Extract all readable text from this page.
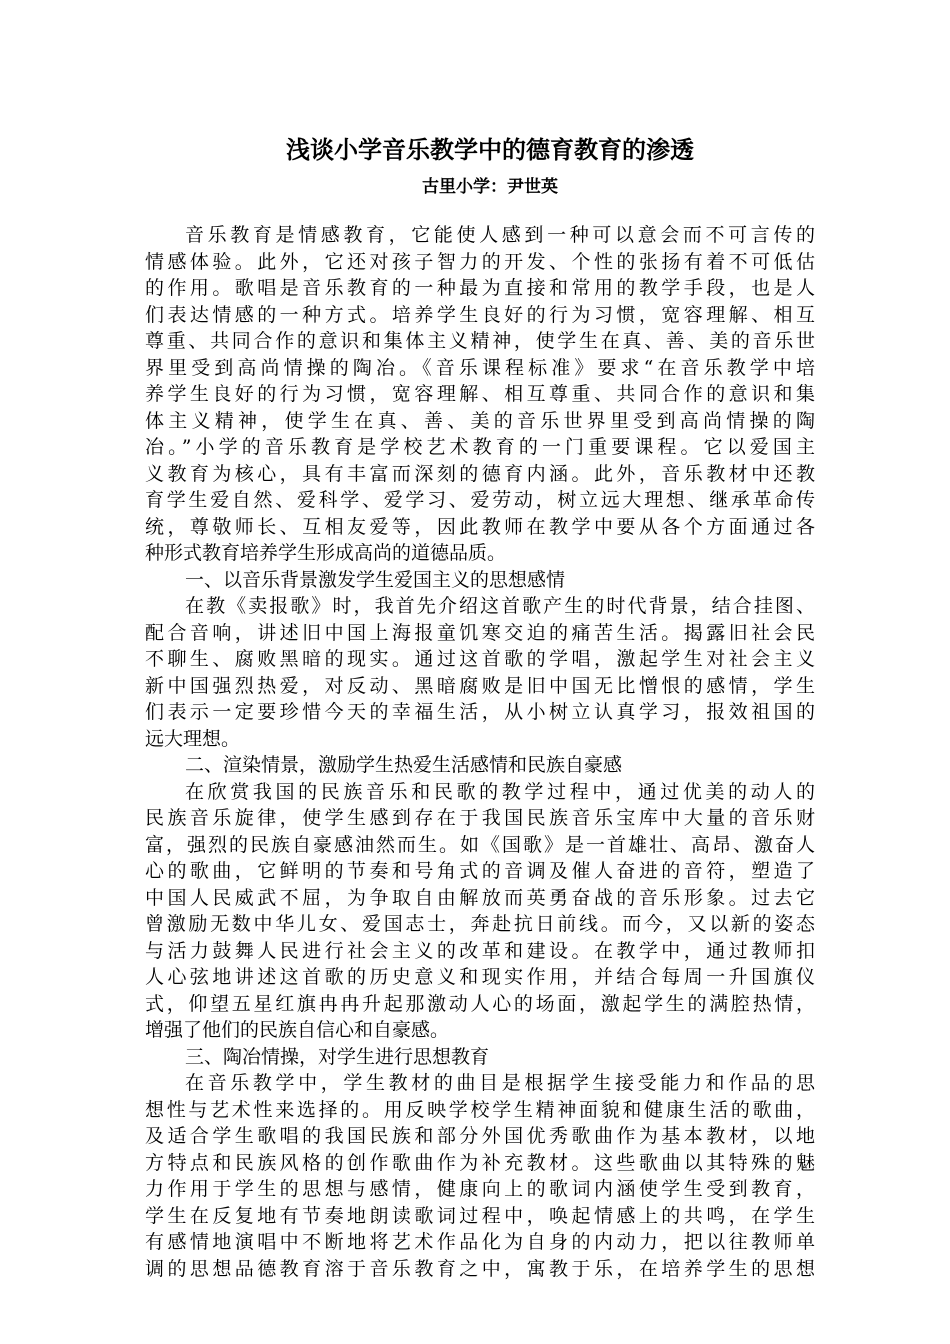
浅谈小学音乐教学中的德育教育的渗透
古里小学：尹世英
音乐教育是情感教育，它能使人感到一种可以意会而不可言传的
情感体验。此外，它还对孩子智力的开发、个性的张扬有着不可低估
的作用。歌唱是音乐教育的一种最为直接和常用的教学手段，也是人
们表达情感的一种方式。培养学生良好的行为习惯，宽容理解、相互
尊重、共同合作的意识和集体主义精神，使学生在真、善、美的音乐世
界里受到高尚情操的陶冶。《音乐课程标准》要求“在音乐教学中培
养学生良好的行为习惯，宽容理解、相互尊重、共同合作的意识和集
体主义精神，使学生在真、善、美的音乐世界里受到高尚情操的陶
冶。”小学的音乐教育是学校艺术教育的一门重要课程。它以爱国主
义教育为核心，具有丰富而深刻的德育内涵。此外，音乐教材中还教
育学生爱自然、爱科学、爱学习、爱劳动，树立远大理想、继承革命传
统，尊敬师长、互相友爱等，因此教师在教学中要从各个方面通过各
种形式教育培养学生形成高尚的道德品质。
一、以音乐背景激发学生爱国主义的思想感情
在教《卖报歌》时，我首先介绍这首歌产生的时代背景，结合挂图、
配合音响，讲述旧中国上海报童饥寒交迫的痛苦生活。揭露旧社会民
不聊生、腐败黑暗的现实。通过这首歌的学唱，激起学生对社会主义
新中国强烈热爱，对反动、黑暗腐败是旧中国无比憎恨的感情，学生
们表示一定要珍惜今天的幸福生活，从小树立认真学习，报效祖国的
远大理想。
二、渲染情景，激励学生热爱生活感情和民族自豪感
在欣赏我国的民族音乐和民歌的教学过程中，通过优美的动人的
民族音乐旋律，使学生感到存在于我国民族音乐宝库中大量的音乐财
富，强烈的民族自豪感油然而生。如《国歌》是一首雄壮、高昂、激奋人
心的歌曲，它鲜明的节奏和号角式的音调及催人奋进的音符，塑造了
中国人民威武不屈，为争取自由解放而英勇奋战的音乐形象。过去它
曾激励无数中华儿女、爱国志士，奔赴抗日前线。而今，又以新的姿态
与活力鼓舞人民进行社会主义的改革和建设。在教学中，通过教师扣
人心弦地讲述这首歌的历史意义和现实作用，并结合每周一升国旗仪
式，仰望五星红旗冉冉升起那激动人心的场面，激起学生的满腔热情，
增强了他们的民族自信心和自豪感。
三、陶冶情操，对学生进行思想教育
在音乐教学中，学生教材的曲目是根据学生接受能力和作品的思
想性与艺术性来选择的。用反映学校学生精神面貌和健康生活的歌曲，
及适合学生歌唱的我国民族和部分外国优秀歌曲作为基本教材，以地
方特点和民族风格的创作歌曲作为补充教材。这些歌曲以其特殊的魅
力作用于学生的思想与感情，健康向上的歌词内涵使学生受到教育，
学生在反复地有节奏地朗读歌词过程中，唤起情感上的共鸣，在学生
有感情地演唱中不断地将艺术作品化为自身的内动力，把以往教师单
调的思想品德教育溶于音乐教育之中，寓教于乐，在培养学生的思想
